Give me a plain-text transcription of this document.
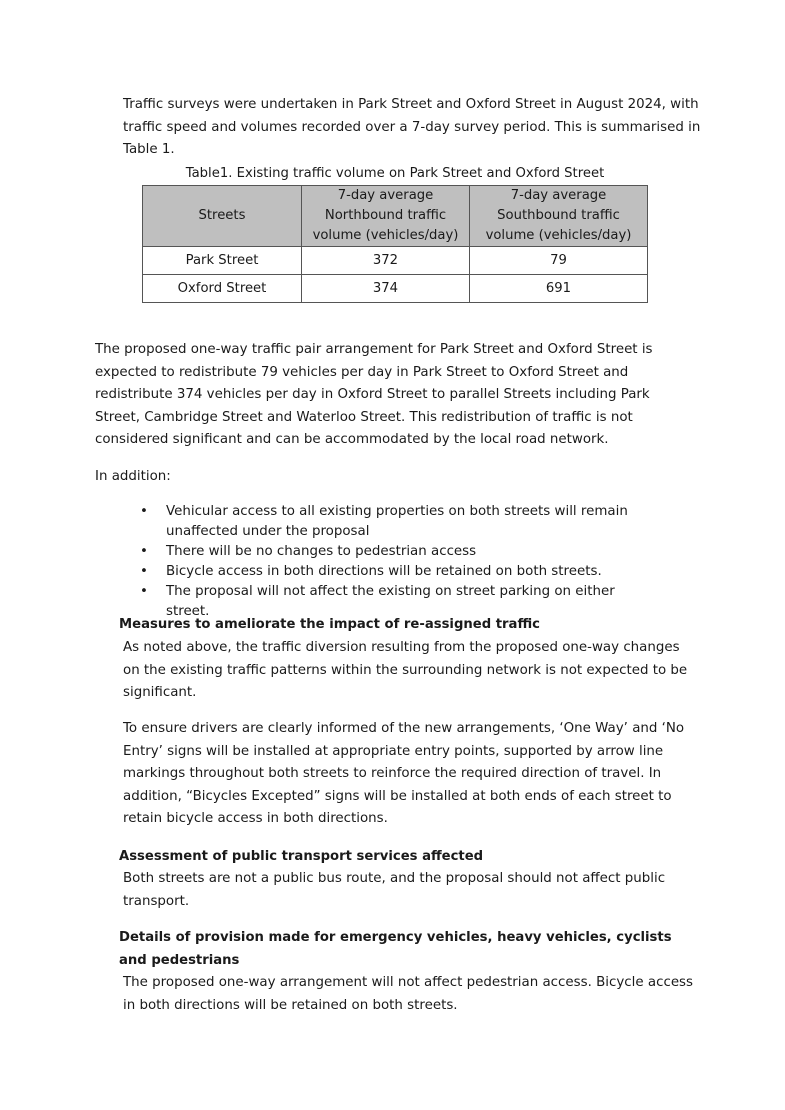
Traffic surveys were undertaken in Park Street and Oxford Street in August 2024, with traffic speed and volumes recorded over a 7-day survey period. This is summarised in Table 1.

Table1. Existing traffic volume on Park Street and Oxford Street
Streets	7-day average Northbound traffic volume (vehicles/day)	7-day average Southbound traffic volume (vehicles/day)
Park Street	372	79
Oxford Street	374	691

The proposed one-way traffic pair arrangement for Park Street and Oxford Street is expected to redistribute 79 vehicles per day in Park Street to Oxford Street and redistribute 374 vehicles per day in Oxford Street to parallel Streets including Park Street, Cambridge Street and Waterloo Street. This redistribution of traffic is not considered significant and can be accommodated by the local road network.

In addition:

• Vehicular access to all existing properties on both streets will remain unaffected under the proposal
• There will be no changes to pedestrian access
• Bicycle access in both directions will be retained on both streets.
• The proposal will not affect the existing on street parking on either street.
Measures to ameliorate the impact of re-assigned traffic

As noted above, the traffic diversion resulting from the proposed one-way changes on the existing traffic patterns within the surrounding network is not expected to be significant.

To ensure drivers are clearly informed of the new arrangements, ‘One Way’ and ‘No Entry’ signs will be installed at appropriate entry points, supported by arrow line markings throughout both streets to reinforce the required direction of travel. In addition, “Bicycles Excepted” signs will be installed at both ends of each street to retain bicycle access in both directions.

Assessment of public transport services affected

Both streets are not a public bus route, and the proposal should not affect public transport.

Details of provision made for emergency vehicles, heavy vehicles, cyclists and pedestrians

The proposed one-way arrangement will not affect pedestrian access. Bicycle access in both directions will be retained on both streets.
